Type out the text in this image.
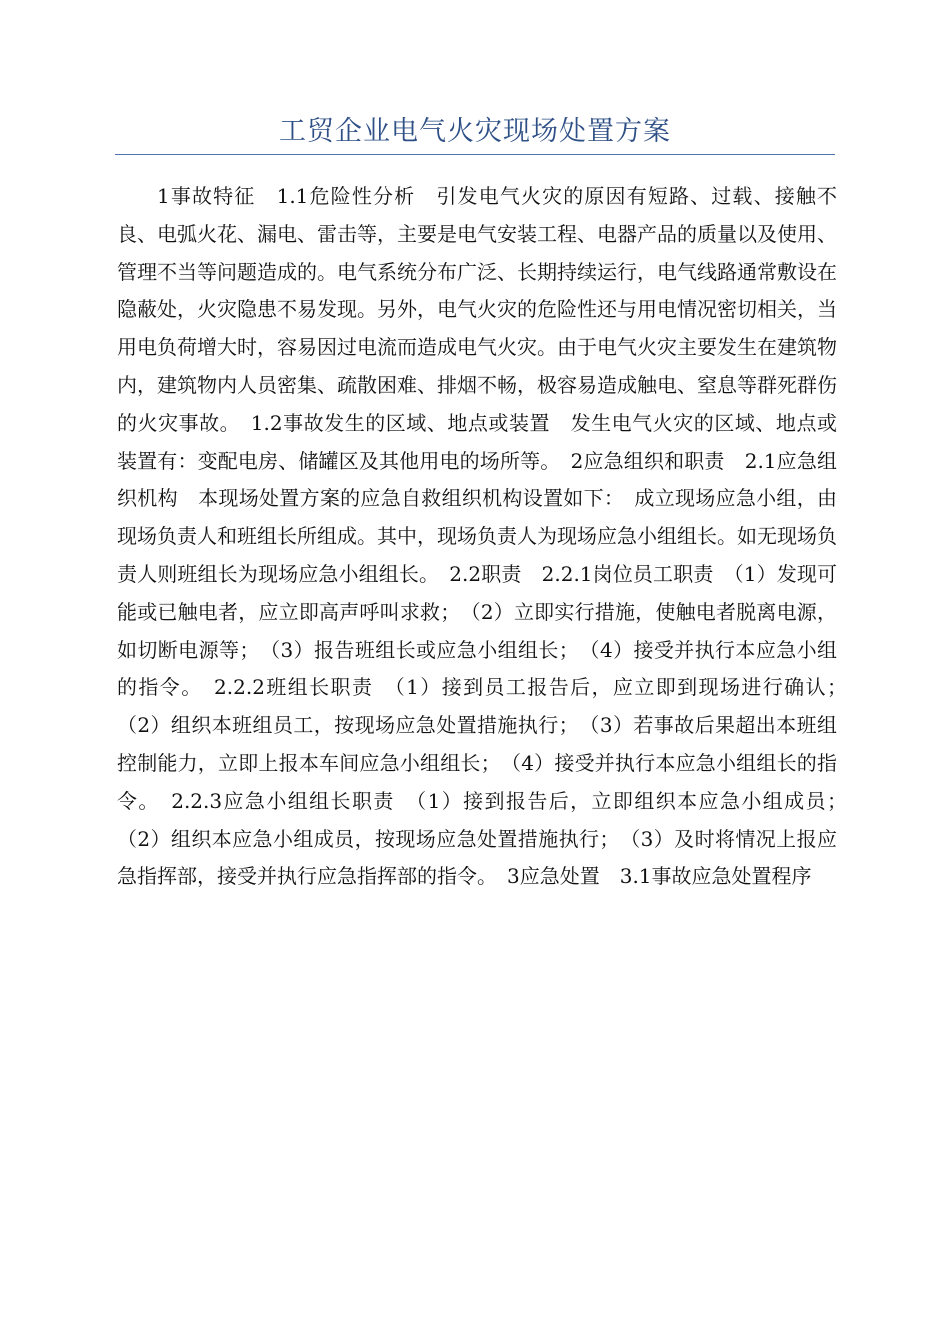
工贸企业电气火灾现场处置方案

1事故特征　1.1危险性分析　引发电气火灾的原因有短路、过载、接触不良、电弧火花、漏电、雷击等，主要是电气安装工程、电器产品的质量以及使用、管理不当等问题造成的。电气系统分布广泛、长期持续运行，电气线路通常敷设在隐蔽处，火灾隐患不易发现。另外，电气火灾的危险性还与用电情况密切相关，当用电负荷增大时，容易因过电流而造成电气火灾。由于电气火灾主要发生在建筑物内，建筑物内人员密集、疏散困难、排烟不畅，极容易造成触电、窒息等群死群伤的火灾事故。　1.2事故发生的区域、地点或装置　发生电气火灾的区域、地点或装置有：变配电房、储罐区及其他用电的场所等。　2应急组织和职责　2.1应急组织机构　本现场处置方案的应急自救组织机构设置如下：　成立现场应急小组，由现场负责人和班组长所组成。其中，现场负责人为现场应急小组组长。如无现场负责人则班组长为现场应急小组组长。　2.2职责　2.2.1岗位员工职责　（1）发现可能或已触电者，应立即高声呼叫求救；　（2）立即实行措施，使触电者脱离电源，如切断电源等；　（3）报告班组长或应急小组组长；　（4）接受并执行本应急小组的指令。　2.2.2班组长职责　（1）接到员工报告后，应立即到现场进行确认；　（2）组织本班组员工，按现场应急处置措施执行；　（3）若事故后果超出本班组控制能力，立即上报本车间应急小组组长；　（4）接受并执行本应急小组组长的指令。　2.2.3应急小组组长职责　（1）接到报告后，立即组织本应急小组成员；　（2）组织本应急小组成员，按现场应急处置措施执行；　（3）及时将情况上报应急指挥部，接受并执行应急指挥部的指令。　3应急处置　3.1事故应急处置程序
